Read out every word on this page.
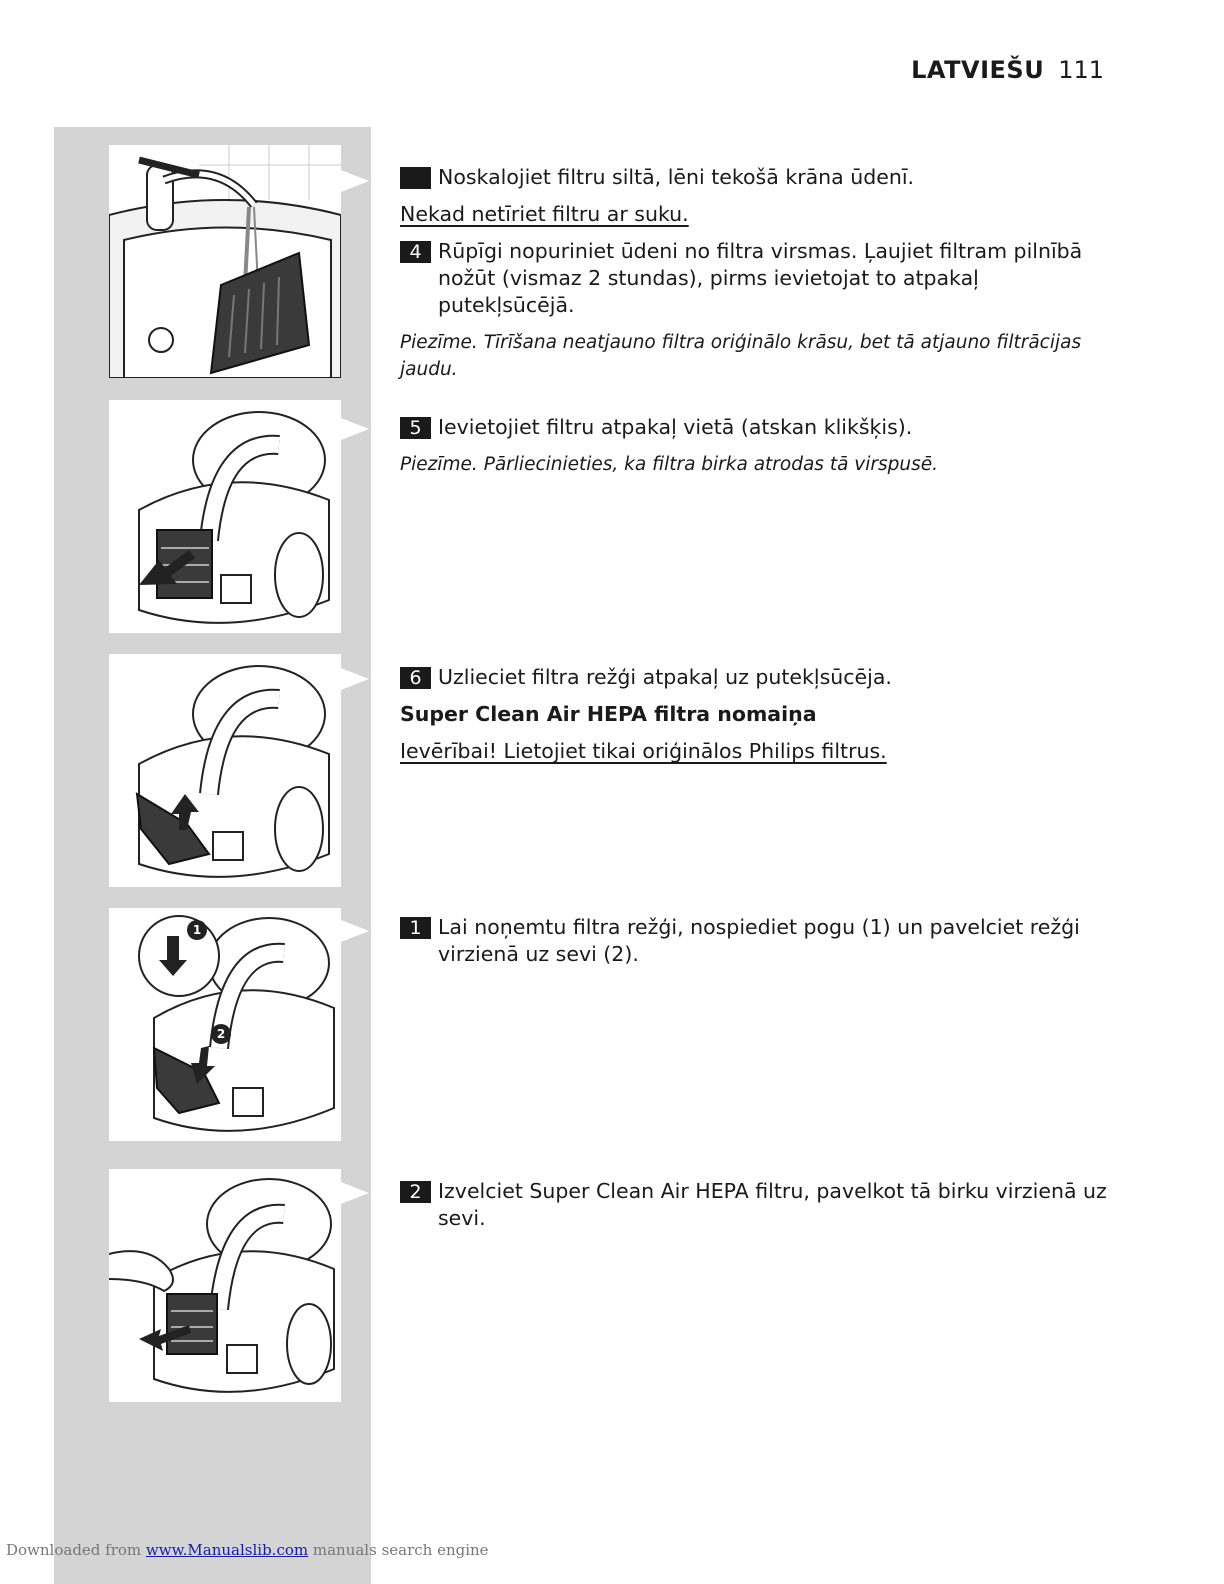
LATVIEŠU 111
1
2
Noskalojiet filtru siltā, lēni tekošā krāna ūdenī.
Nekad netīriet filtru ar suku.
4 Rūpīgi nopuriniet ūdeni no filtra virsmas. Ļaujiet filtram pilnībā nožūt (vismaz 2 stundas), pirms ievietojat to atpakaļ putekļsūcējā.
Piezīme. Tīrīšana neatjauno filtra oriģinālo krāsu, bet tā atjauno filtrācijas jaudu.
5 Ievietojiet filtru atpakaļ vietā (atskan klikšķis).
Piezīme. Pārliecinieties, ka filtra birka atrodas tā virspusē.
6 Uzlieciet filtra režģi atpakaļ uz putekļsūcēja.
Super Clean Air HEPA filtra nomaiņa
Ievērībai! Lietojiet tikai oriģinālos Philips filtrus.
1 Lai noņemtu filtra režģi, nospiediet pogu (1) un pavelciet režģi virzienā uz sevi (2).
2 Izvelciet Super Clean Air HEPA filtru, pavelkot tā birku virzienā uz sevi.
Downloaded from www.Manualslib.com manuals search engine
